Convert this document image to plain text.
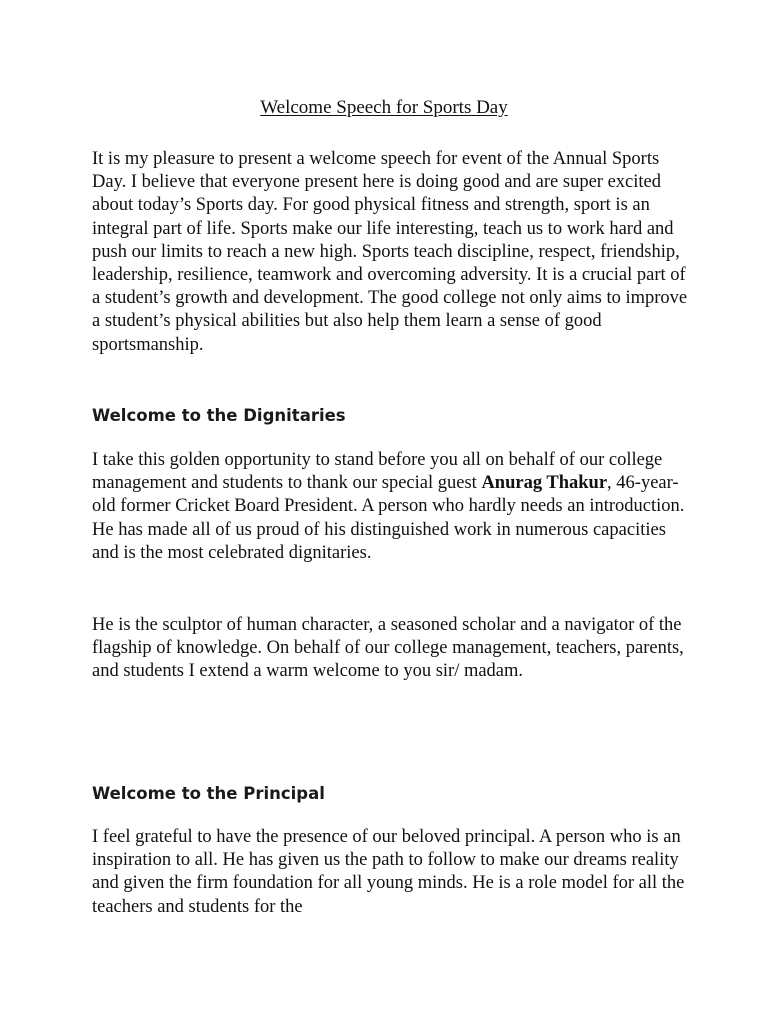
Welcome Speech for Sports Day

It is my pleasure to present a welcome speech for event of the Annual Sports Day. I believe that everyone present here is doing good and are super excited about today’s Sports day. For good physical fitness and strength, sport is an integral part of life. Sports make our life interesting, teach us to work hard and push our limits to reach a new high. Sports teach discipline, respect, friendship, leadership, resilience, teamwork and overcoming adversity. It is a crucial part of a student’s growth and development. The good college not only aims to improve a student’s physical abilities but also help them learn a sense of good sportsmanship.

Welcome to the Dignitaries

I take this golden opportunity to stand before you all on behalf of our college management and students to thank our special guest Anurag Thakur, 46-year-old former Cricket Board President. A person who hardly needs an introduction. He has made all of us proud of his distinguished work in numerous capacities and is the most celebrated dignitaries.

He is the sculptor of human character, a seasoned scholar and a navigator of the flagship of knowledge. On behalf of our college management, teachers, parents, and students I extend a warm welcome to you sir/ madam.

Welcome to the Principal

I feel grateful to have the presence of our beloved principal. A person who is an inspiration to all. He has given us the path to follow to make our dreams reality and given the firm foundation for all young minds. He is a role model for all the teachers and students for the
